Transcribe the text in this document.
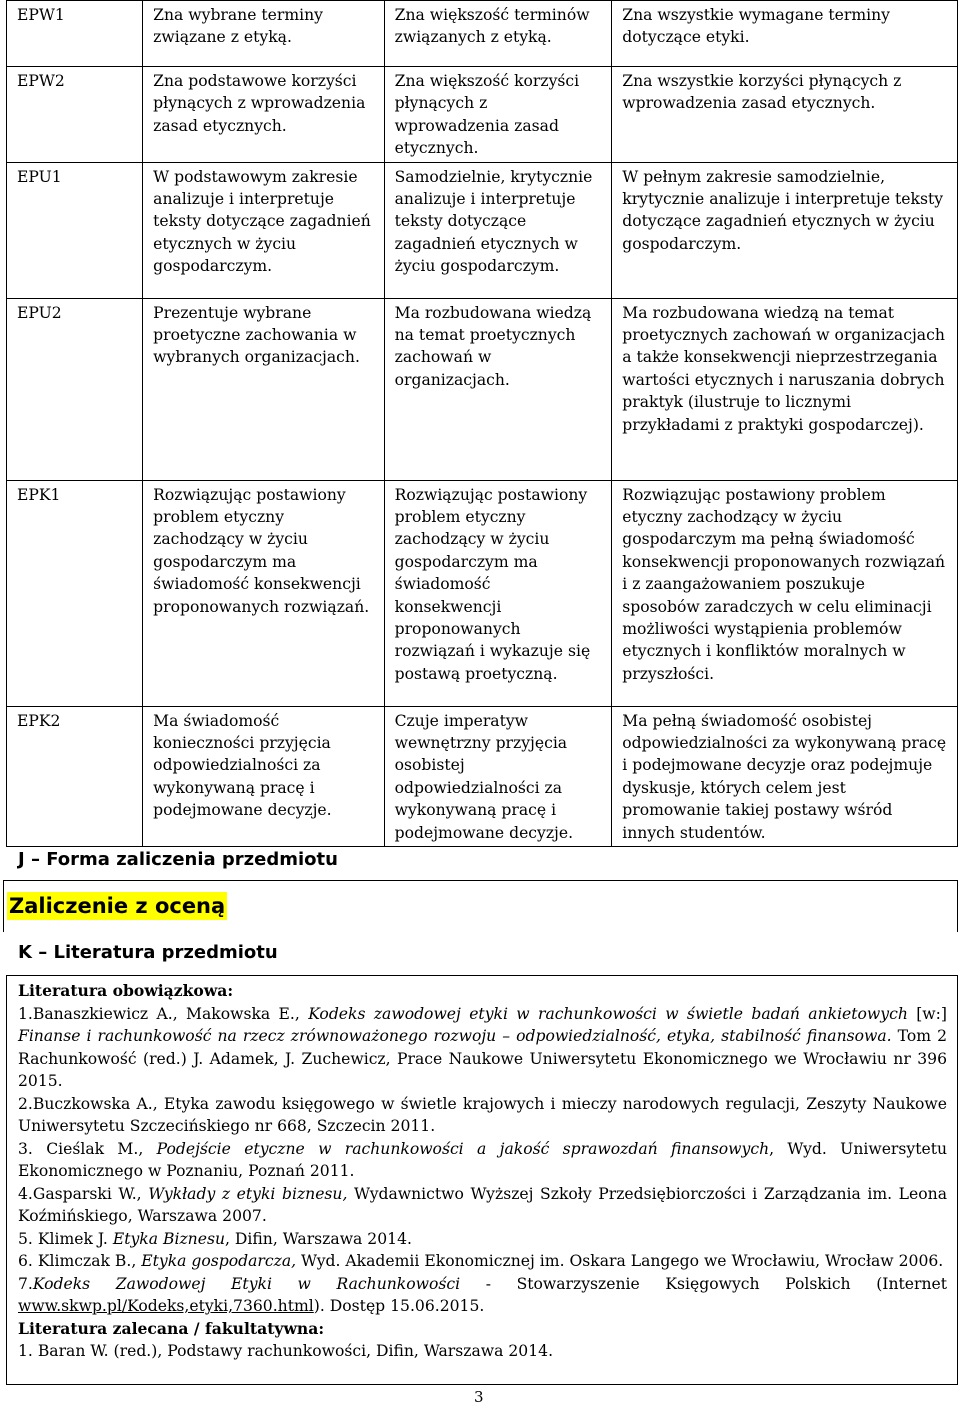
EPW1	Zna wybrane terminy związane z etyką.	Zna większość terminów związanych z etyką.	Zna wszystkie wymagane terminy dotyczące etyki.
EPW2	Zna podstawowe korzyści płynących z wprowadzenia zasad etycznych.	Zna większość korzyści płynących z wprowadzenia zasad etycznych.	Zna wszystkie korzyści płynących z wprowadzenia zasad etycznych.
EPU1	W podstawowym zakresie analizuje i interpretuje teksty dotyczące zagadnień etycznych w życiu gospodarczym.	Samodzielnie, krytycznie analizuje i interpretuje teksty dotyczące zagadnień etycznych w życiu gospodarczym.	W pełnym zakresie samodzielnie, krytycznie analizuje i interpretuje teksty dotyczące zagadnień etycznych w życiu gospodarczym.
EPU2	Prezentuje wybrane proetyczne zachowania w wybranych organizacjach.	Ma rozbudowana wiedzą na temat proetycznych zachowań w organizacjach.	Ma rozbudowana wiedzą na temat proetycznych zachowań w organizacjach a także konsekwencji nieprzestrzegania wartości etycznych i naruszania dobrych praktyk (ilustruje to licznymi przykładami z praktyki gospodarczej).
EPK1	Rozwiązując postawiony problem etyczny zachodzący w życiu gospodarczym ma świadomość konsekwencji proponowanych rozwiązań.	Rozwiązując postawiony problem etyczny zachodzący w życiu gospodarczym ma świadomość konsekwencji proponowanych rozwiązań i wykazuje się postawą proetyczną.	Rozwiązując postawiony problem etyczny zachodzący w życiu gospodarczym ma pełną świadomość konsekwencji proponowanych rozwiązań i z zaangażowaniem poszukuje sposobów zaradczych w celu eliminacji możliwości wystąpienia problemów etycznych i konfliktów moralnych w przyszłości.
EPK2	Ma świadomość konieczności przyjęcia odpowiedzialności za wykonywaną pracę i podejmowane decyzje.	Czuje imperatyw wewnętrzny przyjęcia osobistej odpowiedzialności za wykonywaną pracę i podejmowane decyzje.	Ma pełną świadomość osobistej odpowiedzialności za wykonywaną pracę i podejmowane decyzje oraz podejmuje dyskusje, których celem jest promowanie takiej postawy wśród innych studentów.
J – Forma zaliczenia przedmiotu
Zaliczenie z oceną
K – Literatura przedmiotu

Literatura obowiązkowa:

1.Banaszkiewicz A., Makowska E., Kodeks zawodowej etyki w rachunkowości w świetle badań ankietowych [w:] Finanse i rachunkowość na rzecz zrównoważonego rozwoju – odpowiedzialność, etyka, stabilność finansowa. Tom 2 Rachunkowość (red.) J. Adamek, J. Zuchewicz, Prace Naukowe Uniwersytetu Ekonomicznego we Wrocławiu nr 396 2015.

2.Buczkowska A., Etyka zawodu księgowego w świetle krajowych i mieczy narodowych regulacji, Zeszyty Naukowe Uniwersytetu Szczecińskiego nr 668, Szczecin 2011.

3. Cieślak M., Podejście etyczne w rachunkowości a jakość sprawozdań finansowych, Wyd. Uniwersytetu Ekonomicznego w Poznaniu, Poznań 2011.

4.Gasparski W., Wykłady z etyki biznesu, Wydawnictwo Wyższej Szkoły Przedsiębiorczości i Zarządzania im. Leona Koźmińskiego, Warszawa 2007.

5. Klimek J. Etyka Biznesu, Difin, Warszawa 2014.

6. Klimczak B., Etyka gospodarcza, Wyd. Akademii Ekonomicznej im. Oskara Langego we Wrocławiu, Wrocław 2006.

7.Kodeks Zawodowej Etyki w Rachunkowości - Stowarzyszenie Księgowych Polskich (Internet www.skwp.pl/Kodeks,etyki,7360.html). Dostęp 15.06.2015.

Literatura zalecana / fakultatywna:

1. Baran W. (red.), Podstawy rachunkowości, Difin, Warszawa 2014.

3
